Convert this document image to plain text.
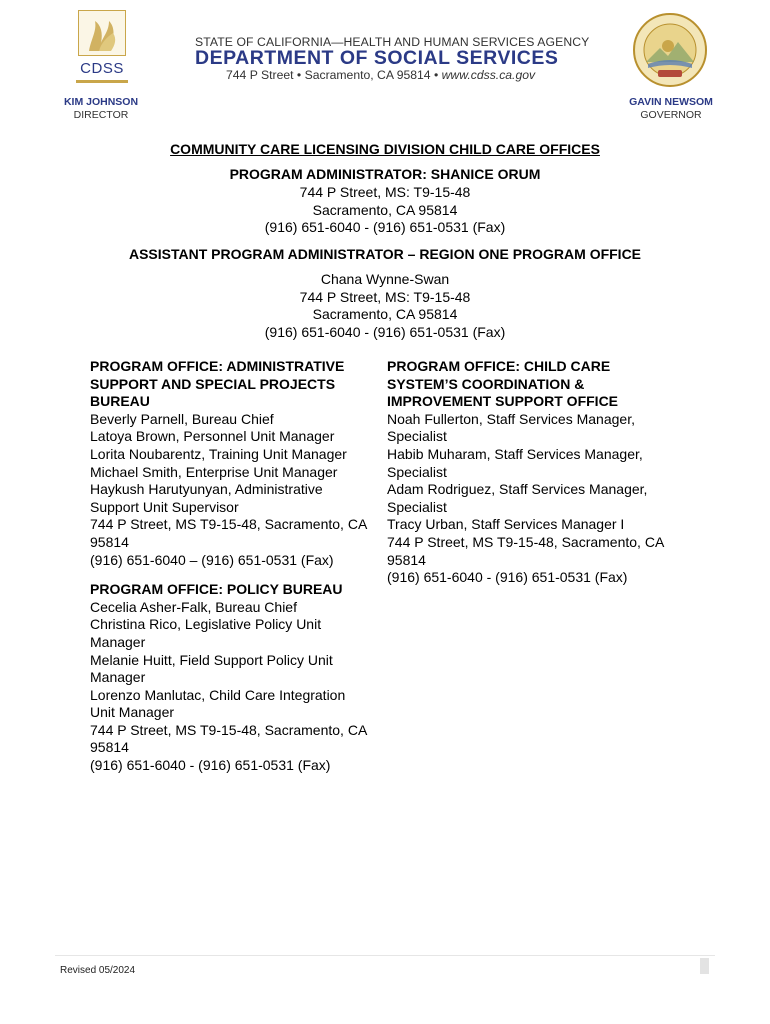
CDSS
STATE OF CALIFORNIA—HEALTH AND HUMAN SERVICES AGENCY
DEPARTMENT OF SOCIAL SERVICES
744 P Street • Sacramento, CA 95814 • www.cdss.ca.gov
KIM JOHNSON
DIRECTOR
GAVIN NEWSOM
GOVERNOR
COMMUNITY CARE LICENSING DIVISION CHILD CARE OFFICES
PROGRAM ADMINISTRATOR: SHANICE ORUM
744 P Street, MS: T9-15-48
Sacramento, CA 95814
(916) 651-6040 - (916) 651-0531 (Fax)
ASSISTANT PROGRAM ADMINISTRATOR – REGION ONE PROGRAM OFFICE
Chana Wynne-Swan
744 P Street, MS: T9-15-48
Sacramento, CA 95814
(916) 651-6040 - (916) 651-0531 (Fax)
PROGRAM OFFICE: ADMINISTRATIVE SUPPORT AND SPECIAL PROJECTS BUREAU
Beverly Parnell, Bureau Chief
Latoya Brown, Personnel Unit Manager
Lorita Noubarentz, Training Unit Manager
Michael Smith, Enterprise Unit Manager
Haykush Harutyunyan, Administrative Support Unit Supervisor
744 P Street, MS T9-15-48, Sacramento, CA 95814
(916) 651-6040 – (916) 651-0531 (Fax)
PROGRAM OFFICE: POLICY BUREAU
Cecelia Asher-Falk, Bureau Chief
Christina Rico, Legislative Policy Unit Manager
Melanie Huitt, Field Support Policy Unit Manager
Lorenzo Manlutac, Child Care Integration Unit Manager
744 P Street, MS T9-15-48, Sacramento, CA 95814
(916) 651-6040 - (916) 651-0531 (Fax)
PROGRAM OFFICE: CHILD CARE SYSTEM’S COORDINATION & IMPROVEMENT SUPPORT OFFICE
Noah Fullerton, Staff Services Manager, Specialist
Habib Muharam, Staff Services Manager, Specialist
Adam Rodriguez, Staff Services Manager, Specialist
Tracy Urban, Staff Services Manager I
744 P Street, MS T9-15-48, Sacramento, CA 95814
(916) 651-6040 - (916) 651-0531 (Fax)
Revised 05/2024
